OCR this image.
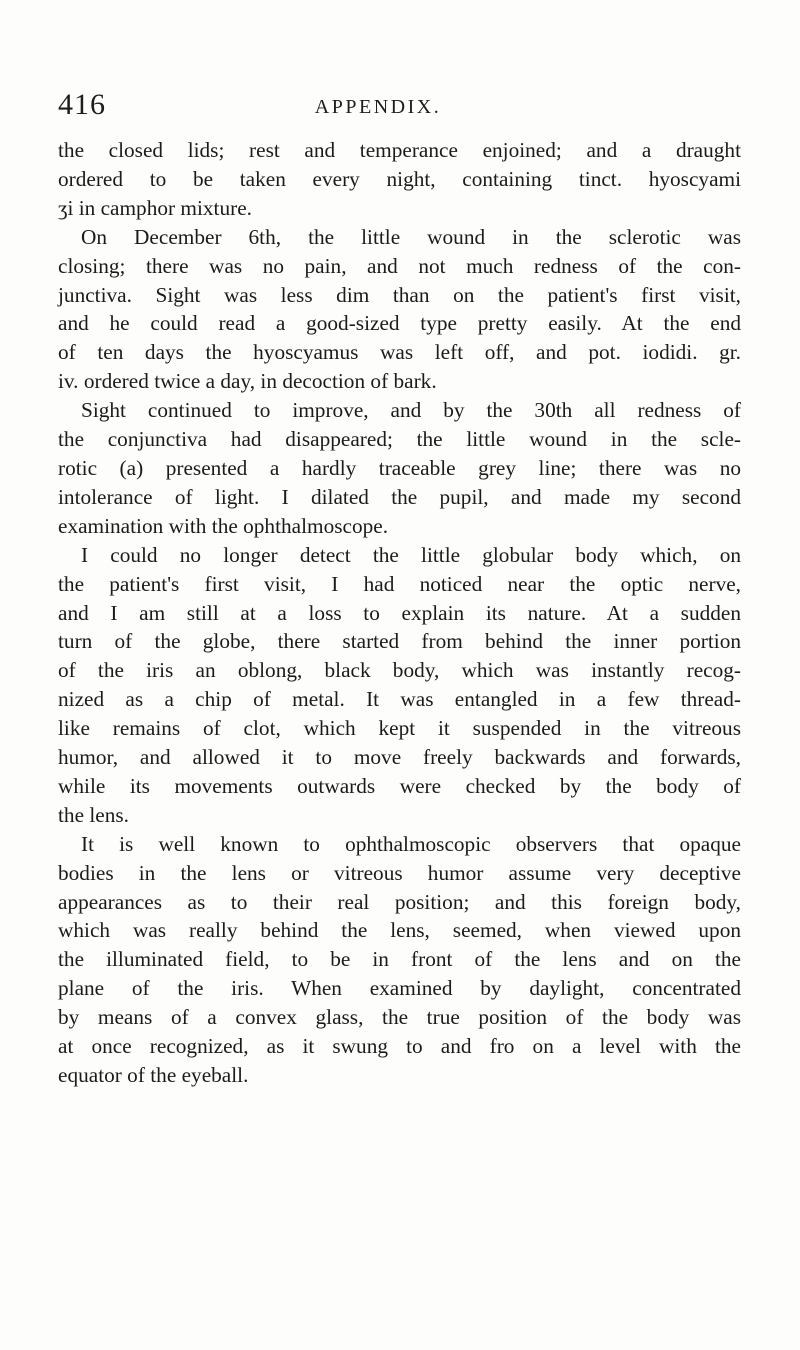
416	APPENDIX.
the closed lids; rest and temperance enjoined; and a draught
ordered to be taken every night, containing tinct. hyoscyami
ʒi in camphor mixture.
On December 6th, the little wound in the sclerotic was
closing; there was no pain, and not much redness of the con-
junctiva. Sight was less dim than on the patient's first visit,
and he could read a good-sized type pretty easily. At the end
of ten days the hyoscyamus was left off, and pot. iodidi. gr.
iv. ordered twice a day, in decoction of bark.
Sight continued to improve, and by the 30th all redness of
the conjunctiva had disappeared; the little wound in the scle-
rotic (a) presented a hardly traceable grey line; there was no
intolerance of light. I dilated the pupil, and made my second
examination with the ophthalmoscope.
I could no longer detect the little globular body which, on
the patient's first visit, I had noticed near the optic nerve,
and I am still at a loss to explain its nature. At a sudden
turn of the globe, there started from behind the inner portion
of the iris an oblong, black body, which was instantly recog-
nized as a chip of metal. It was entangled in a few thread-
like remains of clot, which kept it suspended in the vitreous
humor, and allowed it to move freely backwards and forwards,
while its movements outwards were checked by the body of
the lens.
It is well known to ophthalmoscopic observers that opaque
bodies in the lens or vitreous humor assume very deceptive
appearances as to their real position; and this foreign body,
which was really behind the lens, seemed, when viewed upon
the illuminated field, to be in front of the lens and on the
plane of the iris. When examined by daylight, concentrated
by means of a convex glass, the true position of the body was
at once recognized, as it swung to and fro on a level with the
equator of the eyeball.
